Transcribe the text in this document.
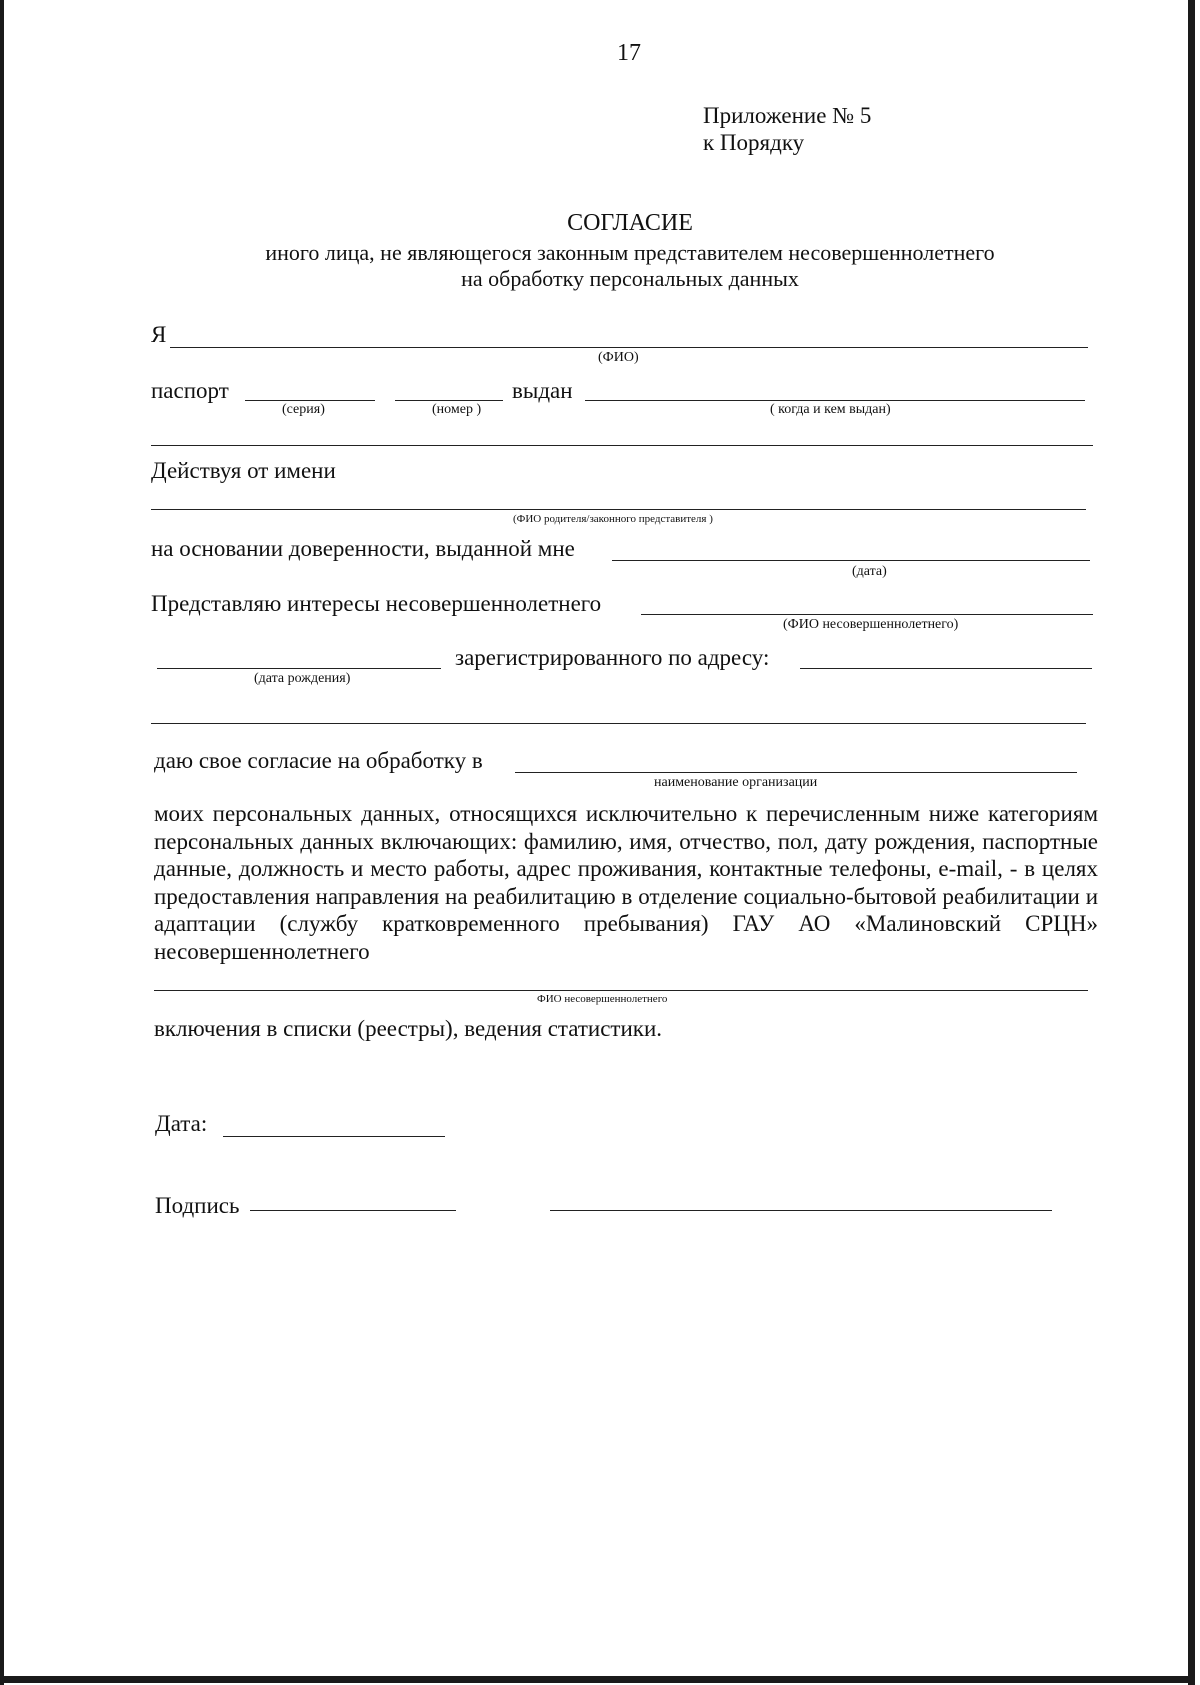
17
Приложение № 5
к Порядку
СОГЛАСИЕ
иного лица, не являющегося законным представителем несовершеннолетнего
на обработку персональных данных
Я
(ФИО)
паспорт
(серия)	(номер )
выдан
( когда и кем выдан)
Действуя от имени
(ФИО родителя/законного представителя )
на основании доверенности, выданной мне
(дата)
Представляю интересы несовершеннолетнего
(ФИО несовершеннолетнего)
(дата рождения)
зарегистрированного по адресу:
даю свое согласие на обработку в
наименование организации
моих персональных данных, относящихся исключительно к перечисленным ниже категориям персональных данных включающих: фамилию, имя, отчество, пол, дату рождения, паспортные данные, должность и место работы, адрес проживания, контактные телефоны, e-mail, - в целях предоставления направления на реабилитацию в отделение социально-бытовой реабилитации и адаптации (службу кратковременного пребывания) ГАУ АО «Малиновский СРЦН» несовершеннолетнего
ФИО несовершеннолетнего
включения в списки (реестры), ведения статистики.
Дата:
Подпись
